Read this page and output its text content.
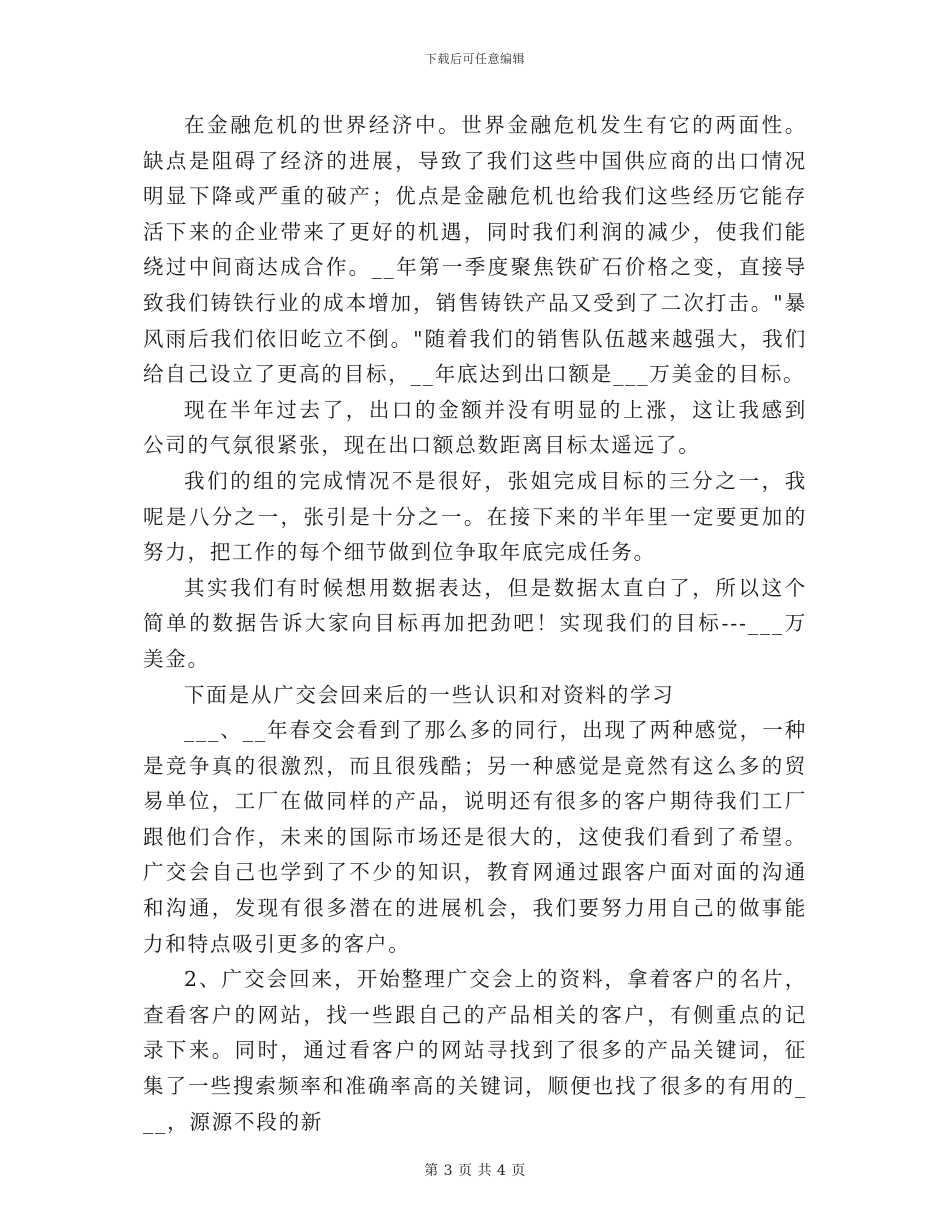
下载后可任意编辑

在金融危机的世界经济中。世界金融危机发生有它的两面性。缺点是阻碍了经济的进展，导致了我们这些中国供应商的出口情况明显下降或严重的破产；优点是金融危机也给我们这些经历它能存活下来的企业带来了更好的机遇，同时我们利润的减少，使我们能绕过中间商达成合作。__年第一季度聚焦铁矿石价格之变，直接导致我们铸铁行业的成本增加，销售铸铁产品又受到了二次打击。"暴风雨后我们依旧屹立不倒。"随着我们的销售队伍越来越强大，我们给自己设立了更高的目标，__年底达到出口额是___万美金的目标。

现在半年过去了，出口的金额并没有明显的上涨，这让我感到公司的气氛很紧张，现在出口额总数距离目标太遥远了。

我们的组的完成情况不是很好，张姐完成目标的三分之一，我呢是八分之一，张引是十分之一。在接下来的半年里一定要更加的努力，把工作的每个细节做到位争取年底完成任务。

其实我们有时候想用数据表达，但是数据太直白了，所以这个简单的数据告诉大家向目标再加把劲吧！实现我们的目标---___万美金。

下面是从广交会回来后的一些认识和对资料的学习

___、__年春交会看到了那么多的同行，出现了两种感觉，一种是竞争真的很激烈，而且很残酷；另一种感觉是竟然有这么多的贸易单位，工厂在做同样的产品，说明还有很多的客户期待我们工厂跟他们合作，未来的国际市场还是很大的，这使我们看到了希望。广交会自己也学到了不少的知识，教育网通过跟客户面对面的沟通和沟通，发现有很多潜在的进展机会，我们要努力用自己的做事能力和特点吸引更多的客户。

2、广交会回来，开始整理广交会上的资料，拿着客户的名片，查看客户的网站，找一些跟自己的产品相关的客户，有侧重点的记录下来。同时，通过看客户的网站寻找到了很多的产品关键词，征集了一些搜索频率和准确率高的关键词，顺便也找了很多的有用的___，源源不段的新

第 3 页 共 4 页
